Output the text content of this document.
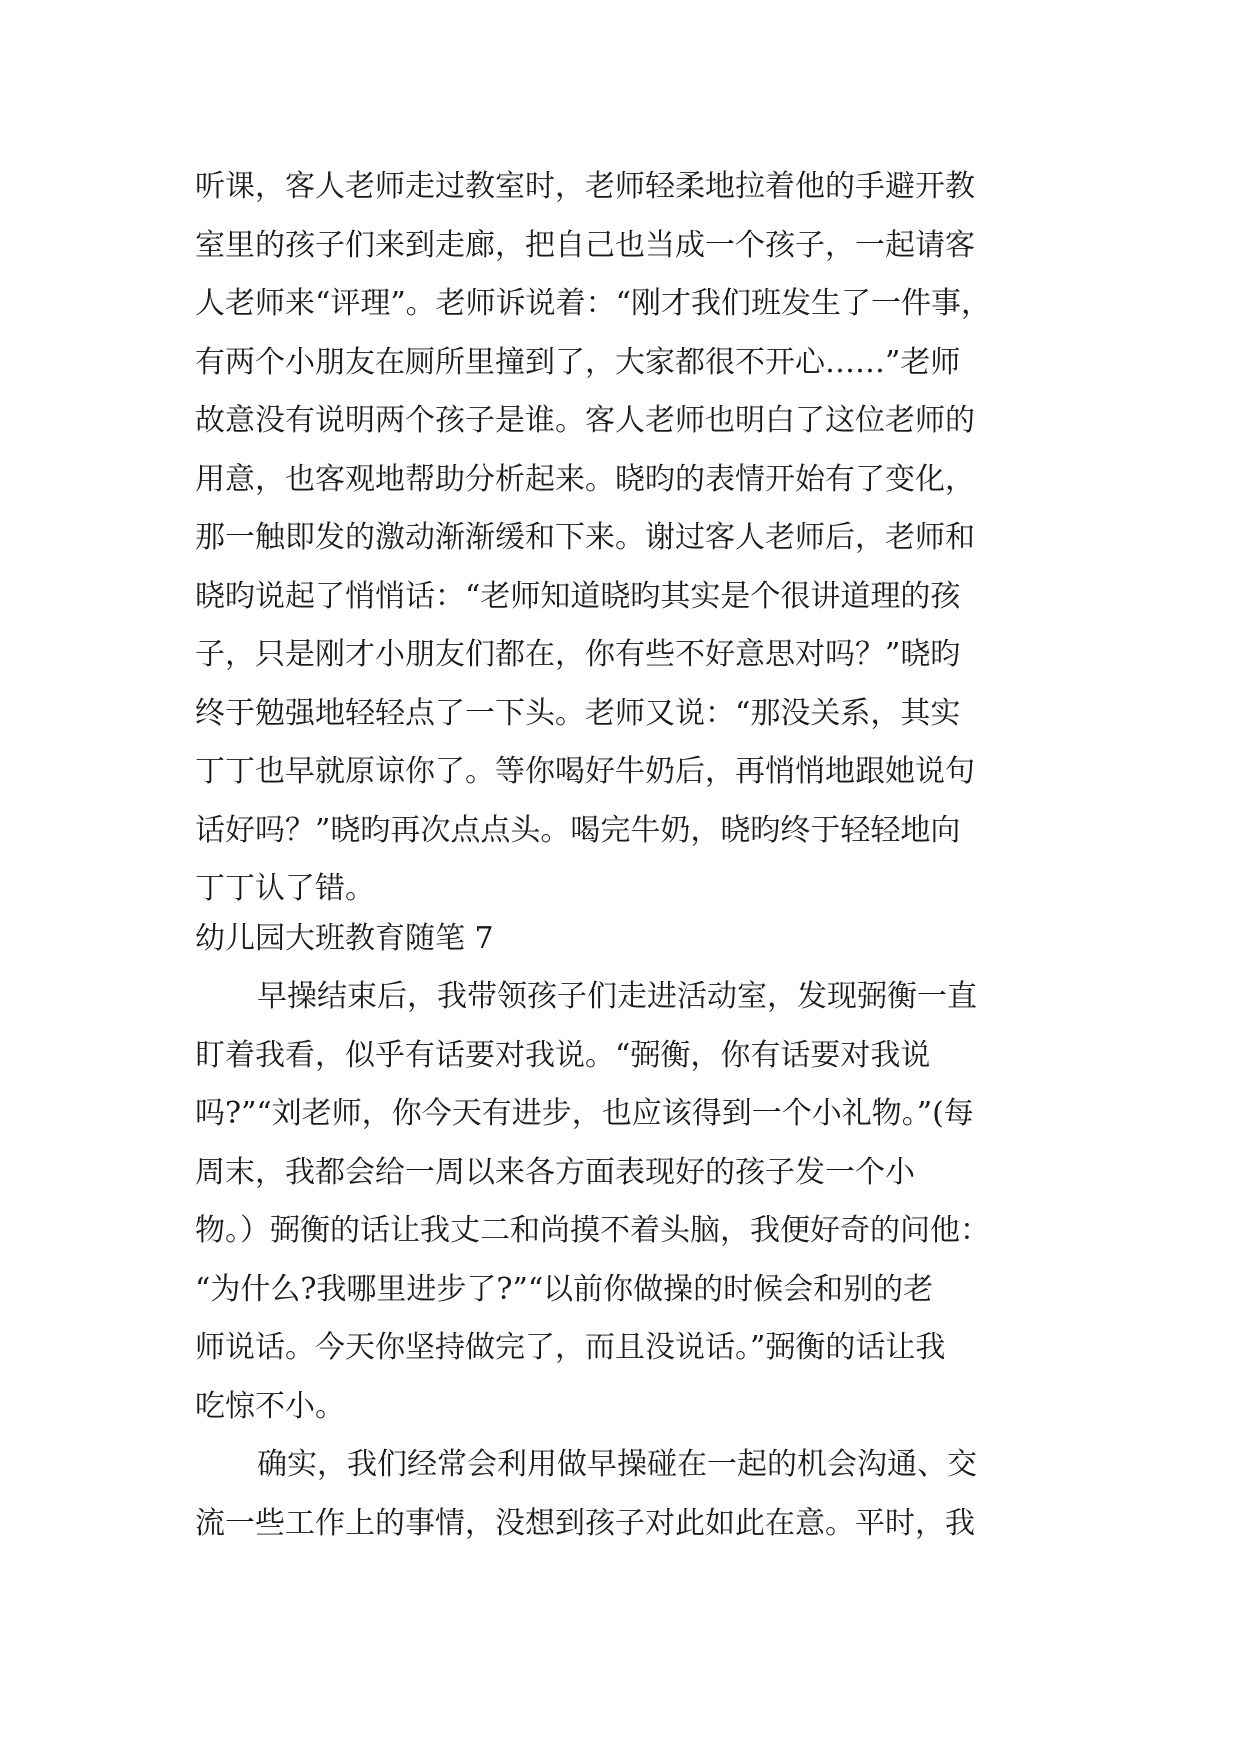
听课，客人老师走过教室时，老师轻柔地拉着他的手避开教
室里的孩子们来到走廊，把自己也当成一个孩子，一起请客
人老师来“评理”。老师诉说着：“刚才我们班发生了一件事，
有两个小朋友在厕所里撞到了，大家都很不开心……”老师
故意没有说明两个孩子是谁。客人老师也明白了这位老师的
用意，也客观地帮助分析起来。晓昀的表情开始有了变化，
那一触即发的激动渐渐缓和下来。谢过客人老师后，老师和
晓昀说起了悄悄话：“老师知道晓昀其实是个很讲道理的孩
子，只是刚才小朋友们都在，你有些不好意思对吗？”晓昀
终于勉强地轻轻点了一下头。老师又说：“那没关系，其实
丁丁也早就原谅你了。等你喝好牛奶后，再悄悄地跟她说句
话好吗？”晓昀再次点点头。喝完牛奶，晓昀终于轻轻地向
丁丁认了错。
幼儿园大班教育随笔 7
早操结束后，我带领孩子们走进活动室，发现弼衡一直
盯着我看，似乎有话要对我说。“弼衡，你有话要对我说
吗?”“刘老师，你今天有进步，也应该得到一个小礼物。”(每
周末，我都会给一周以来各方面表现好的孩子发一个小
物。）弼衡的话让我丈二和尚摸不着头脑，我便好奇的问他：
“为什么?我哪里进步了?”“以前你做操的时候会和别的老
师说话。今天你坚持做完了，而且没说话。”弼衡的话让我
吃惊不小。
确实，我们经常会利用做早操碰在一起的机会沟通、交
流一些工作上的事情，没想到孩子对此如此在意。平时，我
